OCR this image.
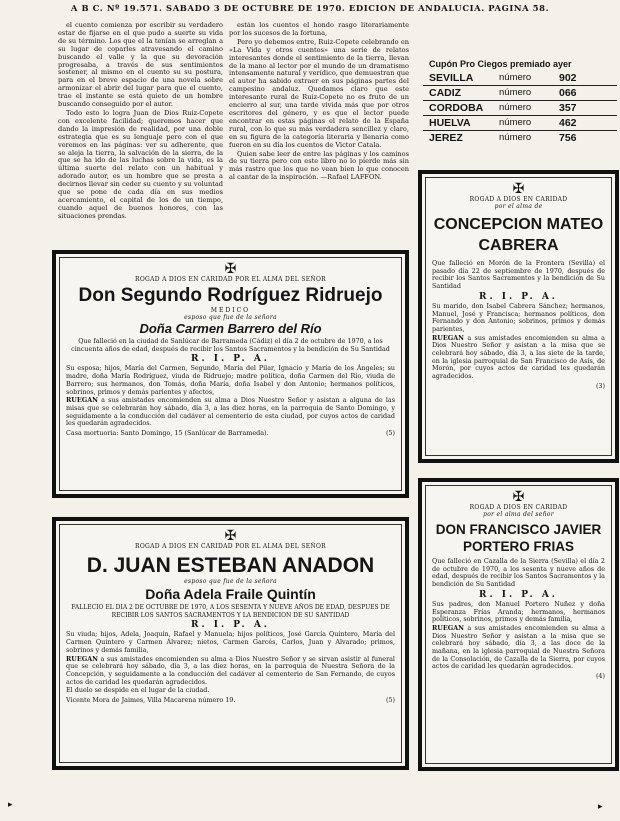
A B C. Nº 19.571. SABADO 3 DE OCTUBRE DE 1970. EDICION DE ANDALUCIA. PAGINA 58.

el cuento comienza por escribir su verdadero estar de fijarse en el que pudo a suerte su vida de su término. Los que el la tenían se arreglan a su lugar de coparles atravesando el camino buscando el valle y la que su devoración progresaba, a través de sus sentimientos sostener, al mismo en el cuento su su postura, para en el breve espacio de una novela sobre armonizar el abrir del lugar para que el cuento, trae el instante se está quieto de un hombre buscando conseguido por el autor.

Todo esto lo logra Juan de Dios Ruiz-Copete con excelente facilidad; queremos hacer que dando la impresión de realidad, por una doble estrategia que es su lenguaje pero con el que veremos en las páginas: ver su adherente, que se aleja la tierra, la salvación de la sierra, de la que se ha ido de las luchas sobre la vida, es la última suerte del relato con un habitual y adorado autor, es un hombre que se presta a decirnos llevar sin ceder su cuento y su voluntad que se pone de cada día en sus medios acercamiento, el capital de los de un tiempo, cuando aquel de buenos honores, con las situaciones prendas.

están los cuentos el hondo rasgo literariamente por los sucesos de la fortuna,

Pero yo debemos entre, Ruiz-Copete celebrando en «La Vida y otros cuentos» una serie de relatos interesantes donde el sentimiento de la tierra, llevan de la mano al lector por el mundo de un dramatismo intensamente natural y verídico, que demuestran que el autor ha sabido extraer en sus páginas partes del campesino andaluz. Quedamos claro que este interesante rural de Ruiz-Copete no es fruto de un encierro al sur, una tarde vivida más que por otros escritores del género, y es que el lector puede encontrar en estas páginas el relato de la España rural, con lo que su más verdadera sencillez y claro, en su figura de la categoría literaria y llenaria como fueron en su día los cuentos de Victor Catala.

Quien sabe leer de entre las páginas y los caminos de su tierra pero con este libro no lo pierde más sin más rastro que los que no vean bien lo que conocen al cantar de la inspiración. —Rafael LAFFON.

Cupón Pro Ciegos premiado ayer
SEVILLA	número	902
CADIZ	número	066
CORDOBA	número	357
HUELVA	número	462
JEREZ	número	756
✠
ROGAD A DIOS EN CARIDAD POR EL ALMA DEL SEÑOR
Don Segundo Rodríguez Ridruejo
MEDICO
esposo que fue de la señora
Doña Carmen Barrero del Río
Que falleció en la ciudad de Sanlúcar de Barrameda (Cádiz) el día 2 de octubre de 1970, a los cincuenta años de edad, después de recibir los Santos Sacramentos y la bendición de Su Santidad
R. I. P. A.
Su esposa; hijos, María del Carmen, Segundo, María del Pilar, Ignacio y María de los Ángeles; su madre, doña María Rodríguez, viuda de Ridruejo; madre política, doña Carmen del Río, viuda de Barrero; sus hermanos, don Tomás, doña María, doña Isabel y don Antonio; hermanos políticos, sobrinos, primos y demás parientes y afectos,
RUEGAN a sus amistades encomienden su alma a Dios Nuestro Señor y asistan a alguna de las misas que se celebrarán hoy sábado, día 3, a las diez horas, en la parroquia de Santo Domingo, y seguidamente a la conducción del cadáver al cementerio de esta ciudad, por cuyos actos de caridad les quedarán agradecidos.
Casa mortuoria: Santo Domingo, 15 (Sanlúcar de Barrameda).	(5)
✠
ROGAD A DIOS EN CARIDAD POR EL ALMA DEL SEÑOR
D. JUAN ESTEBAN ANADON
esposo que fue de la señora
Doña Adela Fraile Quintín
FALLECIO EL DIA 2 DE OCTUBRE DE 1970, A LOS SESENTA Y NUEVE AÑOS DE EDAD, DESPUES DE RECIBIR LOS SANTOS SACRAMENTOS Y LA BENDICION DE SU SANTIDAD
R. I. P. A.
Su viuda; hijos, Adela, Joaquín, Rafael y Manuela; hijos políticos, José García Quintero, María del Carmen Quintero y Carmen Álvarez; nietos, Carmen Garcés, Carlos, Juan y Alvarado; primos, sobrinos y demás familia,
RUEGAN a sus amistades encomienden su alma a Dios Nuestro Señor y se sirvan asistir al funeral que se celebrará hoy sábado, día 3, a las diez horas, en la parroquia de Nuestra Señora de la Concepción, y seguidamente a la conducción del cadáver al cementerio de San Fernando, de cuyos actos de caridad les quedarán agradecidos.
El duelo se despide en el lugar de la ciudad.
Vicente Mora de Jaimes, Villa Macarena número 19.	(5)
✠
ROGAD A DIOS EN CARIDAD
por el alma de
CONCEPCION MATEO CABRERA
Que falleció en Morón de la Frontera (Sevilla) el pasado día 22 de septiembre de 1970, después de recibir los Santos Sacramentos y la bendición de Su Santidad
R. I. P. A.
Su marido, don Isabel Cabrera Sánchez; hermanos, Manuel, José y Francisca; hermanos políticos, don Fernando y don Antonio; sobrinos, primos y demás parientes,
RUEGAN a sus amistades encomienden su alma a Dios Nuestro Señor y asistan a la misa que se celebrará hoy sábado, día 3, a las siete de la tarde, en la iglesia parroquial de San Francisco de Asís, de Morón, por cuyos actos de caridad les quedarán agradecidos.
(3)
✠
ROGAD A DIOS EN CARIDAD
por el alma del señor
DON FRANCISCO JAVIER PORTERO FRIAS
Que falleció en Cazalla de la Sierra (Sevilla) el día 2 de octubre de 1970, a los sesenta y nueve años de edad, después de recibir los Santos Sacramentos y la bendición de Su Santidad
R. I. P. A.
Sus padres, don Manuel Portero Nuñez y doña Esperanza Frías Aranda; hermanos, hermanos políticos, sobrinos, primos y demás familia,
RUEGAN a sus amistades encomienden su alma a Dios Nuestro Señor y asistan a la misa que se celebrará hoy sábado, día 3, a las doce de la mañana, en la iglesia parroquial de Nuestra Señora de la Consolación, de Cazalla de la Sierra, por cuyos actos de caridad les quedarán agradecidos.
(4)
▸	▸
